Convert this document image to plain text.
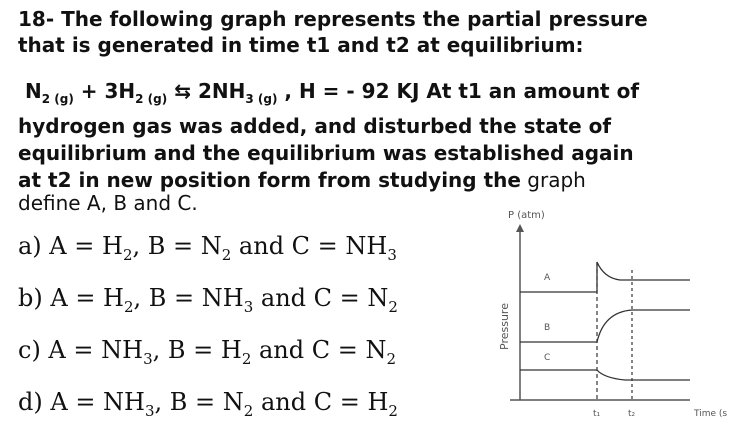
18- The following graph represents the partial pressure
that is generated in time t1 and t2 at equilibrium:
$N_{2 (g)} + 3H_{2 (g)}$ ⇆ $2NH_{3 (g)}$ , H = - 92 KJ At t1 an amount of
hydrogen gas was added, and disturbed the state of
equilibrium and the equilibrium was established again
at t2 in new position form from studying the graph
define A, B and C.
a) $A = H_2$, $B = N_2$ and $C = NH_3$
b) $A = H_2$, $B = NH_3$ and $C = N_2$
c) $A = NH_3$, $B = H_2$ and $C = N_2$
d) $A = NH_3$, $B = N_2$ and $C = H_2$
P (atm)
Pressure
Time (s
t₁	t₂
A
B
C
